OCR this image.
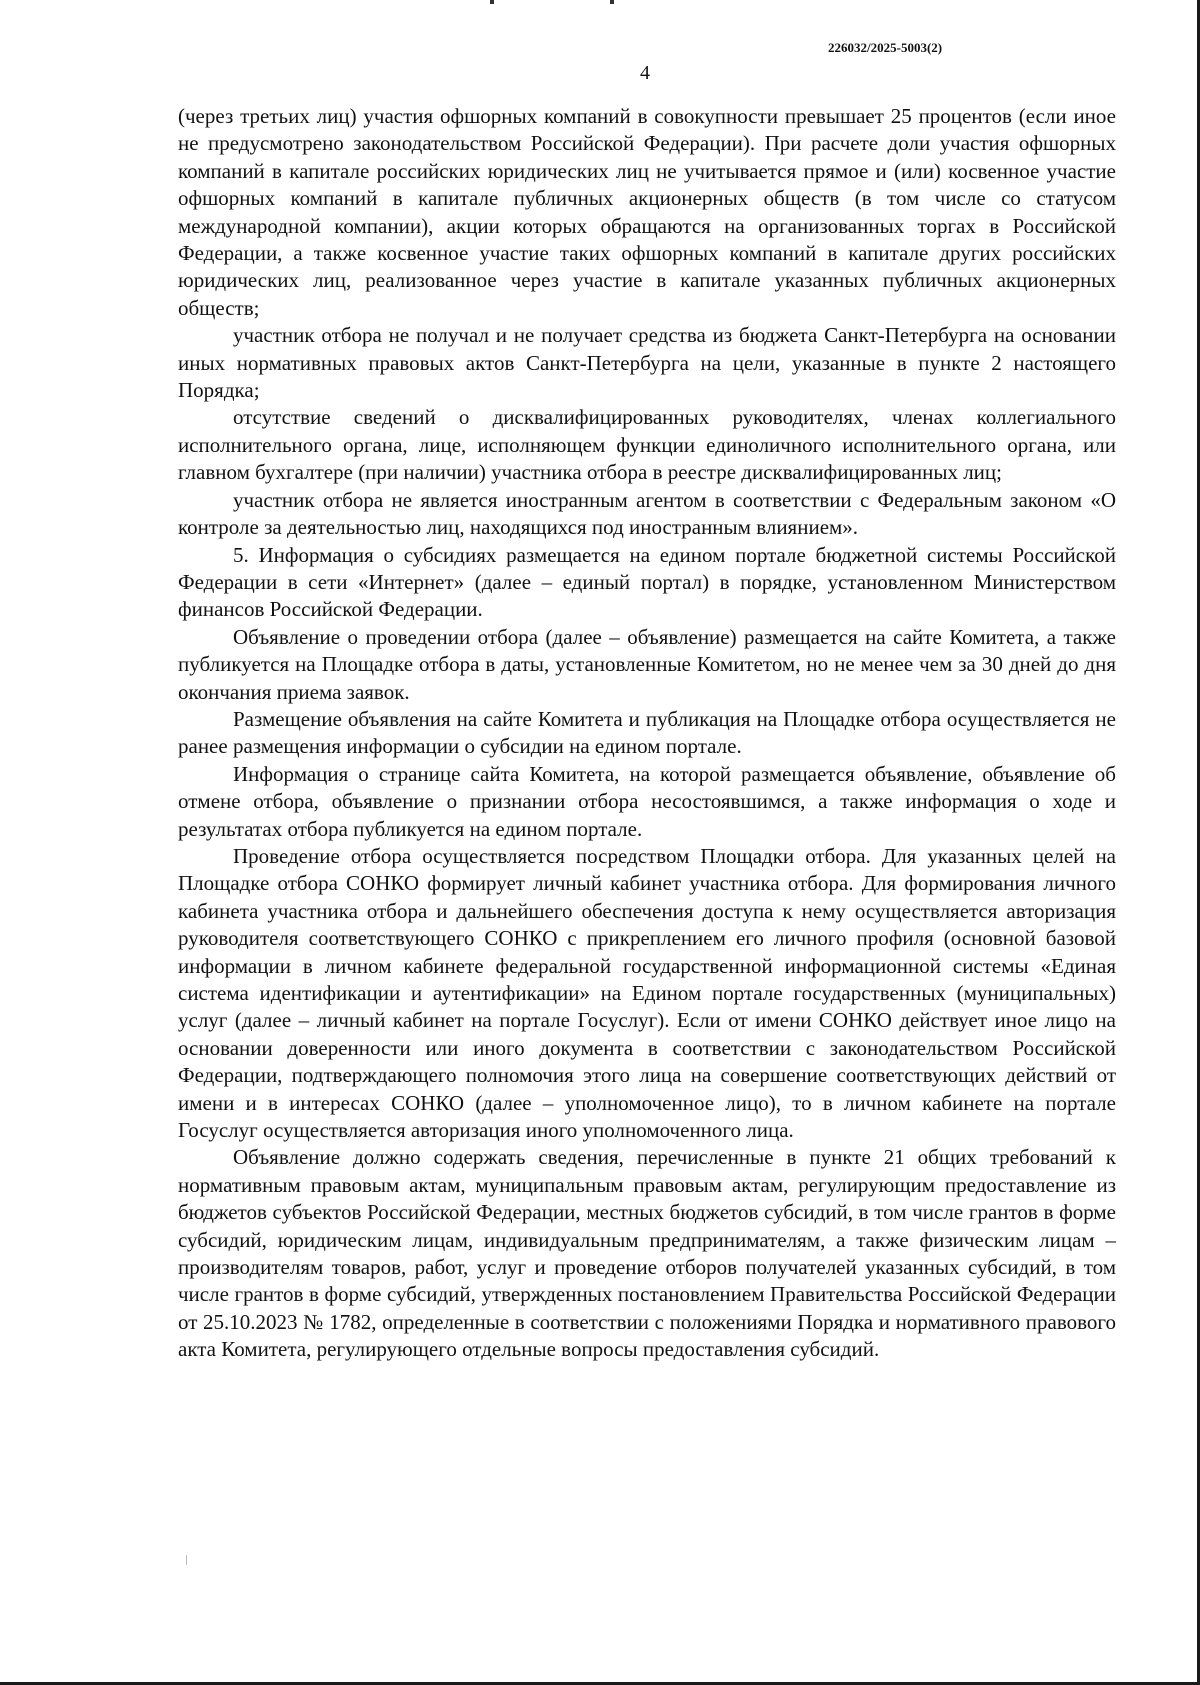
226032/2025-5003(2)
4

(через третьих лиц) участия офшорных компаний в совокупности превышает 25 процентов (если иное не предусмотрено законодательством Российской Федерации). При расчете доли участия офшорных компаний в капитале российских юридических лиц не учитывается прямое и (или) косвенное участие офшорных компаний в капитале публичных акционерных обществ (в том числе со статусом международной компании), акции которых обращаются на организованных торгах в Российской Федерации, а также косвенное участие таких офшорных компаний в капитале других российских юридических лиц, реализованное через участие в капитале указанных публичных акционерных обществ;

участник отбора не получал и не получает средства из бюджета Санкт-Петербурга на основании иных нормативных правовых актов Санкт-Петербурга на цели, указанные в пункте 2 настоящего Порядка;

отсутствие сведений о дисквалифицированных руководителях, членах коллегиального исполнительного органа, лице, исполняющем функции единоличного исполнительного органа, или главном бухгалтере (при наличии) участника отбора в реестре дисквалифицированных лиц;

участник отбора не является иностранным агентом в соответствии с Федеральным законом «О контроле за деятельностью лиц, находящихся под иностранным влиянием».

5. Информация о субсидиях размещается на едином портале бюджетной системы Российской Федерации в сети «Интернет» (далее – единый портал) в порядке, установленном Министерством финансов Российской Федерации.

Объявление о проведении отбора (далее – объявление) размещается на сайте Комитета, а также публикуется на Площадке отбора в даты, установленные Комитетом, но не менее чем за 30 дней до дня окончания приема заявок.

Размещение объявления на сайте Комитета и публикация на Площадке отбора осуществляется не ранее размещения информации о субсидии на едином портале.

Информация о странице сайта Комитета, на которой размещается объявление, объявление об отмене отбора, объявление о признании отбора несостоявшимся, а также информация о ходе и результатах отбора публикуется на едином портале.

Проведение отбора осуществляется посредством Площадки отбора. Для указанных целей на Площадке отбора СОНКО формирует личный кабинет участника отбора. Для формирования личного кабинета участника отбора и дальнейшего обеспечения доступа к нему осуществляется авторизация руководителя соответствующего СОНКО с прикреплением его личного профиля (основной базовой информации в личном кабинете федеральной государственной информационной системы «Единая система идентификации и аутентификации» на Едином портале государственных (муниципальных) услуг (далее – личный кабинет на портале Госуслуг). Если от имени СОНКО действует иное лицо на основании доверенности или иного документа в соответствии с законодательством Российской Федерации, подтверждающего полномочия этого лица на совершение соответствующих действий от имени и в интересах СОНКО (далее – уполномоченное лицо), то в личном кабинете на портале Госуслуг осуществляется авторизация иного уполномоченного лица.

Объявление должно содержать сведения, перечисленные в пункте 21 общих требований к нормативным правовым актам, муниципальным правовым актам, регулирующим предоставление из бюджетов субъектов Российской Федерации, местных бюджетов субсидий, в том числе грантов в форме субсидий, юридическим лицам, индивидуальным предпринимателям, а также физическим лицам – производителям товаров, работ, услуг и проведение отборов получателей указанных субсидий, в том числе грантов в форме субсидий, утвержденных постановлением Правительства Российской Федерации от 25.10.2023 № 1782, определенные в соответствии с положениями Порядка и нормативного правового акта Комитета, регулирующего отдельные вопросы предоставления субсидий.
